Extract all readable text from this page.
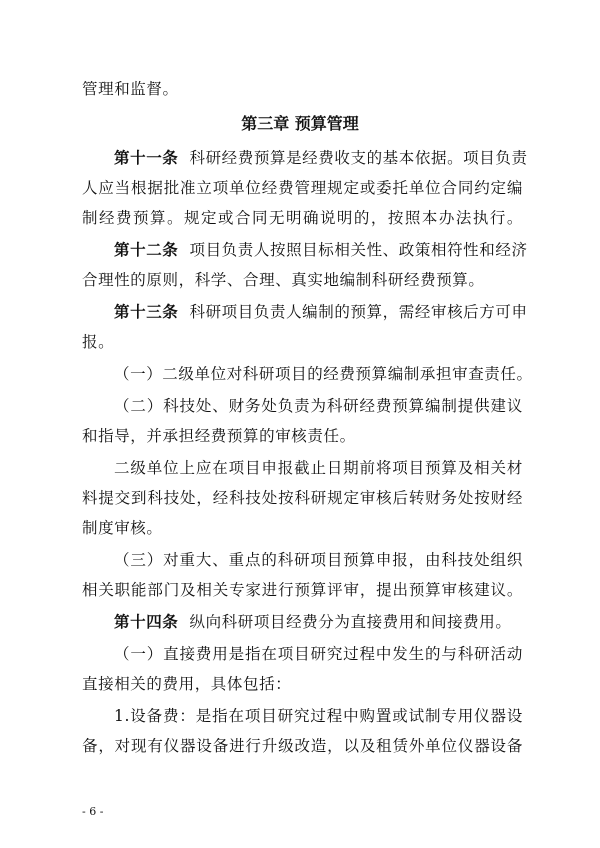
管理和监督。
第三章 预算管理
第十一条 科研经费预算是经费收支的基本依据。项目负责
人应当根据批准立项单位经费管理规定或委托单位合同约定编
制经费预算。规定或合同无明确说明的，按照本办法执行。
第十二条 项目负责人按照目标相关性、政策相符性和经济
合理性的原则，科学、合理、真实地编制科研经费预算。
第十三条 科研项目负责人编制的预算，需经审核后方可申
报。
（一）二级单位对科研项目的经费预算编制承担审查责任。
（二）科技处、财务处负责为科研经费预算编制提供建议
和指导，并承担经费预算的审核责任。
二级单位上应在项目申报截止日期前将项目预算及相关材
料提交到科技处，经科技处按科研规定审核后转财务处按财经
制度审核。
（三）对重大、重点的科研项目预算申报，由科技处组织
相关职能部门及相关专家进行预算评审，提出预算审核建议。
第十四条 纵向科研项目经费分为直接费用和间接费用。
（一）直接费用是指在项目研究过程中发生的与科研活动
直接相关的费用，具体包括：
1.设备费：是指在项目研究过程中购置或试制专用仪器设
备，对现有仪器设备进行升级改造，以及租赁外单位仪器设备
- 6 -
